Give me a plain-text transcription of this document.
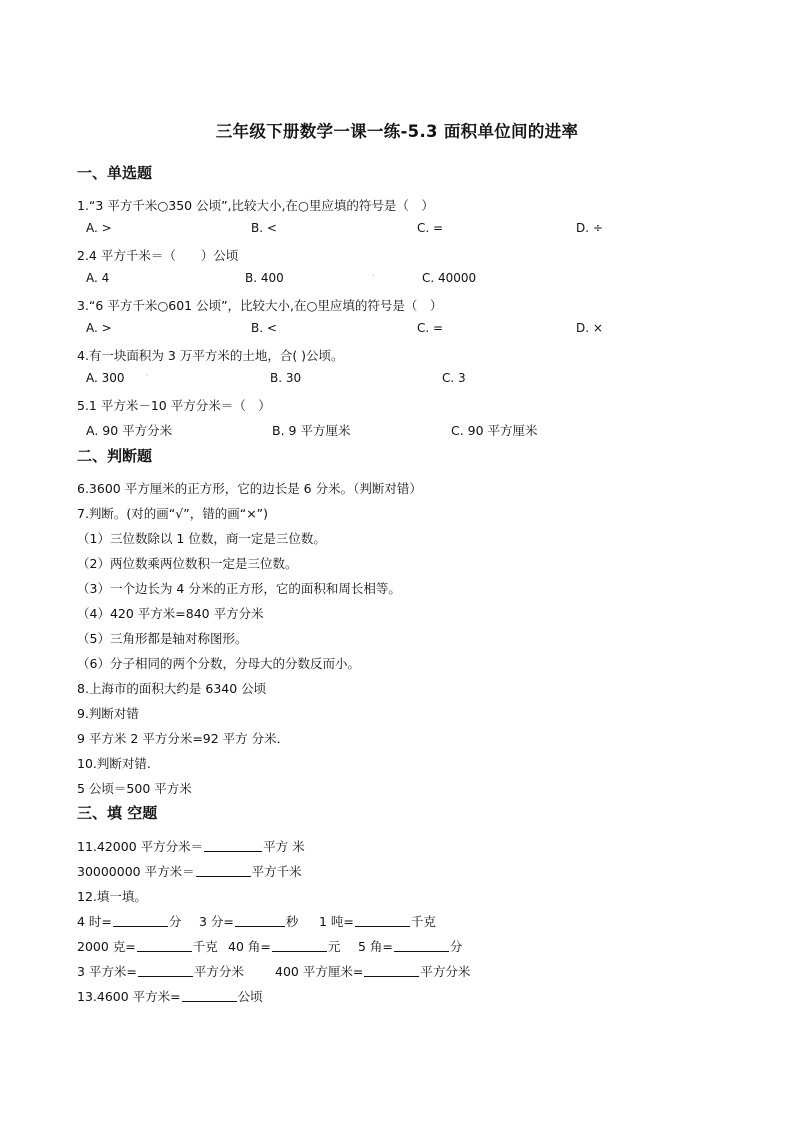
三年级下册数学一课一练-5.3 面积单位间的进率
一、单选题
1.“3 平方千米○350 公顷”,比较大小,在○里应填的符号是（　）
A. >	B. <	C. =	D. ÷
2.4 平方千米＝（　　）公顷
A. 4	B. 400	·	C. 40000
3.“6 平方千米○601 公顷”，比较大小,在○里应填的符号是（　）
A. >	B. <	C. =	D. ×
4.有一块面积为 3 万平方米的土地，合( )公顷。
A. 300	·	B. 30	C. 3
5.1 平方米－10 平方分米＝（　）
A. 90 平方分米	B. 9 平方厘米	C. 90 平方厘米
二、判断题
6.3600 平方厘米的正方形，它的边长是 6 分米。（判断对错）
7.判断。(对的画“√”，错的画“×”)
（1）三位数除以 1 位数，商一定是三位数。
（2）两位数乘两位数积一定是三位数。
（3）一个边长为 4 分米的正方形，它的面积和周长相等。
（4）420 平方米=840 平方分米
（5）三角形都是轴对称图形。
（6）分子相同的两个分数，分母大的分数反而小。
8.上海市的面积大约是 6340 公顷
9.判断对错
9 平方米 2 平方分米=92 平方 分米．
10.判断对错.
5 公顷＝500 平方米
三、填 空题
11.42000 平方分米＝	平方 米
30000000 平方米＝	平方千米
12.填一填。
4 时=	分 3 分=	秒 1 吨=	千克
2000 克=	千克 40 角=	元 5 角=	分
3 平方米=	平方分米 400 平方厘米=	平方分米
13.4600 平方米=	公顷
